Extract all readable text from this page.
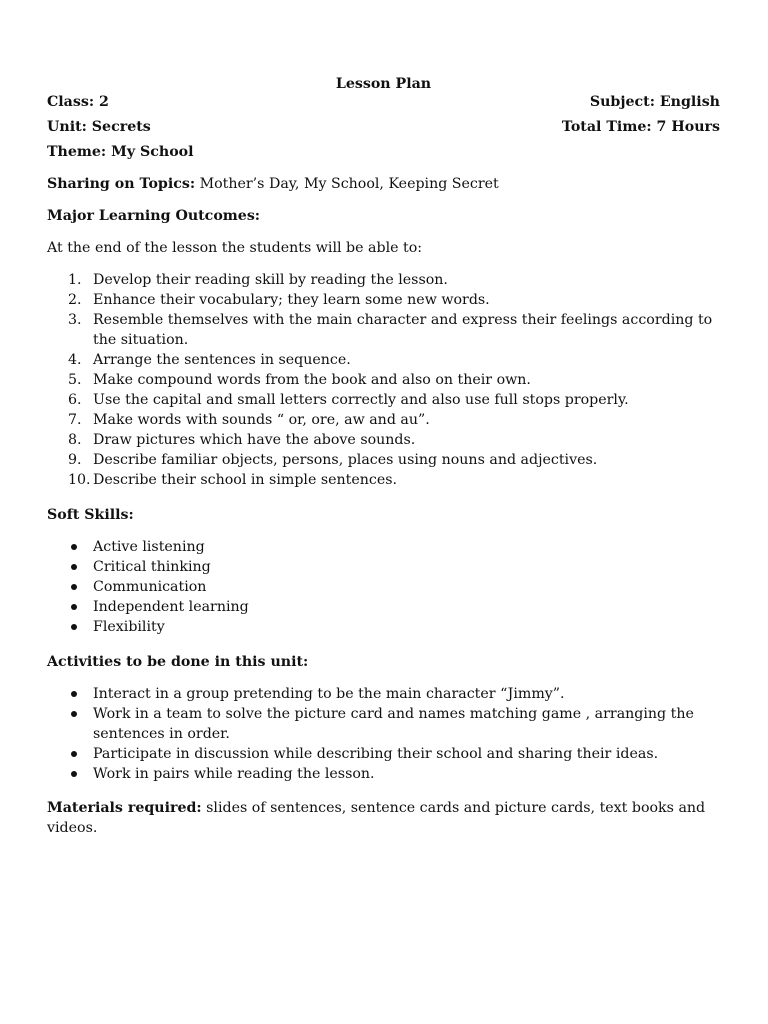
Lesson Plan
Class: 2	Subject: English
Unit: Secrets	Total Time: 7 Hours
Theme: My School

Sharing on Topics: Mother’s Day, My School, Keeping Secret

Major Learning Outcomes:

At the end of the lesson the students will be able to:

1. Develop their reading skill by reading the lesson.
2. Enhance their vocabulary; they learn some new words.
3. Resemble themselves with the main character and express their feelings according to the situation.
4. Arrange the sentences in sequence.
5. Make compound words from the book and also on their own.
6. Use the capital and small letters correctly and also use full stops properly.
7. Make words with sounds “ or, ore, aw and au”.
8. Draw pictures which have the above sounds.
9. Describe familiar objects, persons, places using nouns and adjectives.
10. Describe their school in simple sentences.

Soft Skills:

Active listening
Critical thinking
Communication
Independent learning
Flexibility

Activities to be done in this unit:

Interact in a group pretending to be the main character “Jimmy”.
Work in a team to solve the picture card and names matching game , arranging the sentences in order.
Participate in discussion while describing their school and sharing their ideas.
Work in pairs while reading the lesson.

Materials required: slides of sentences, sentence cards and picture cards, text books and videos.
